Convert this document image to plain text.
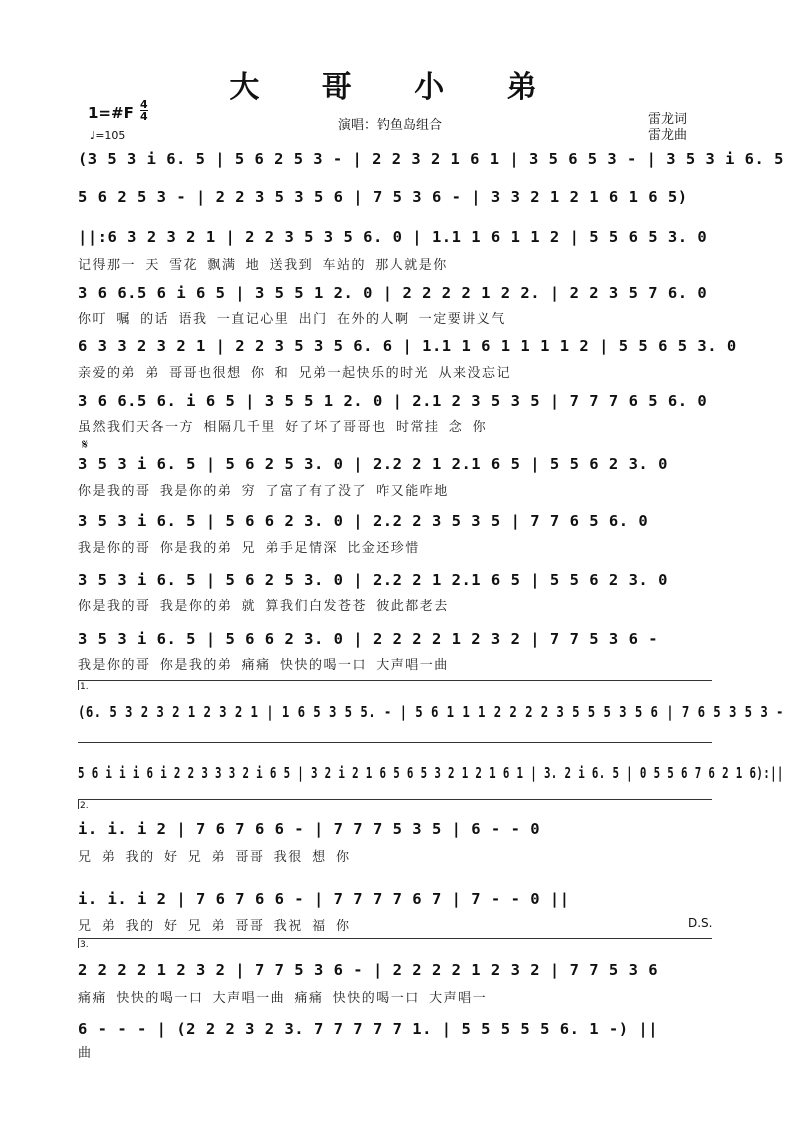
大 哥 小 弟
1=#F $\frac{4}{4}$
♩=105
演唱：钓鱼岛组合	雷龙词
雷龙曲
(3 5 3 i 6. 5 | 5 6 2 5 3 - | 2 2 3 2 1 6 1 | 3 5 6 5 3 - | 3 5 3 i 6. 5
5 6 2 5 3 - | 2 2 3 5 3 5 6 | 7 5 3 6 - | 3 3 2 1 2 1 6 1 6 5)
||:6 3 2 3 2 1 | 2 2 3 5 3 5 6. 0 | 1.1 1 6 1 1 2 | 5 5 6 5 3. 0
记得那一 天 雪花 飘满 地 送我到 车站的 那人就是你
3 6 6.5 6 i 6 5 | 3 5 5 1 2. 0 | 2 2 2 2 1 2 2. | 2 2 3 5 7 6. 0
你叮 嘱 的话 语我 一直记心里 出门 在外的人啊 一定要讲义气
6 3 3 2 3 2 1 | 2 2 3 5 3 5 6. 6 | 1.1 1 6 1 1 1 1 2 | 5 5 6 5 3. 0
亲爱的弟 弟 哥哥也很想 你 和 兄弟一起快乐的时光 从来没忘记
3 6 6.5 6. i 6 5 | 3 5 5 1 2. 0 | 2.1 2 3 5 3 5 | 7 7 7 6 5 6. 0
虽然我们天各一方 相隔几千里 好了坏了哥哥也 时常挂 念 你
𝄋
3 5 3 i 6. 5 | 5 6 2 5 3. 0 | 2.2 2 1 2.1 6 5 | 5 5 6 2 3. 0
你是我的哥 我是你的弟 穷 了富了有了没了 咋又能咋地
3 5 3 i 6. 5 | 5 6 6 2 3. 0 | 2.2 2 3 5 3 5 | 7 7 6 5 6. 0
我是你的哥 你是我的弟 兄 弟手足情深 比金还珍惜
3 5 3 i 6. 5 | 5 6 2 5 3. 0 | 2.2 2 1 2.1 6 5 | 5 5 6 2 3. 0
你是我的哥 我是你的弟 就 算我们白发苍苍 彼此都老去
3 5 3 i 6. 5 | 5 6 6 2 3. 0 | 2 2 2 2 1 2 3 2 | 7 7 5 3 6 -
我是你的哥 你是我的弟 痛痛 快快的喝一口 大声唱一曲
1.
(6. 5 3 2 3 2 1 2 3 2 1 | 1 6 5 3 5 5. - | 5 6 1 1 1 2 2 2 2 3 5 5 5 3 5 6 | 7 6 5 3 5 3 -
5 6 i i i 6 i 2 2 3 3 3 2 i 6 5 | 3 2 i 2 1 6 5 6 5 3 2 1 2 1 6 1 | 3. 2 i 6. 5 | 0 5 5 6 7 6 2 1 6):||
2.
i. i. i 2 | 7 6 7 6 6 - | 7 7 7 5 3 5 | 6 - - 0
兄 弟 我的 好 兄 弟 哥哥 我很 想 你
i. i. i 2 | 7 6 7 6 6 - | 7 7 7 7 6 7 | 7 - - 0 ||
兄 弟 我的 好 兄 弟 哥哥 我祝 福 你	D.S.
3.
2 2 2 2 1 2 3 2 | 7 7 5 3 6 - | 2 2 2 2 1 2 3 2 | 7 7 5 3 6
痛痛 快快的喝一口 大声唱一曲 痛痛 快快的喝一口 大声唱一
6 - - - | (2 2 2 3 2 3. 7 7 7 7 7 1. | 5 5 5 5 5 6. 1 -) ||
曲
